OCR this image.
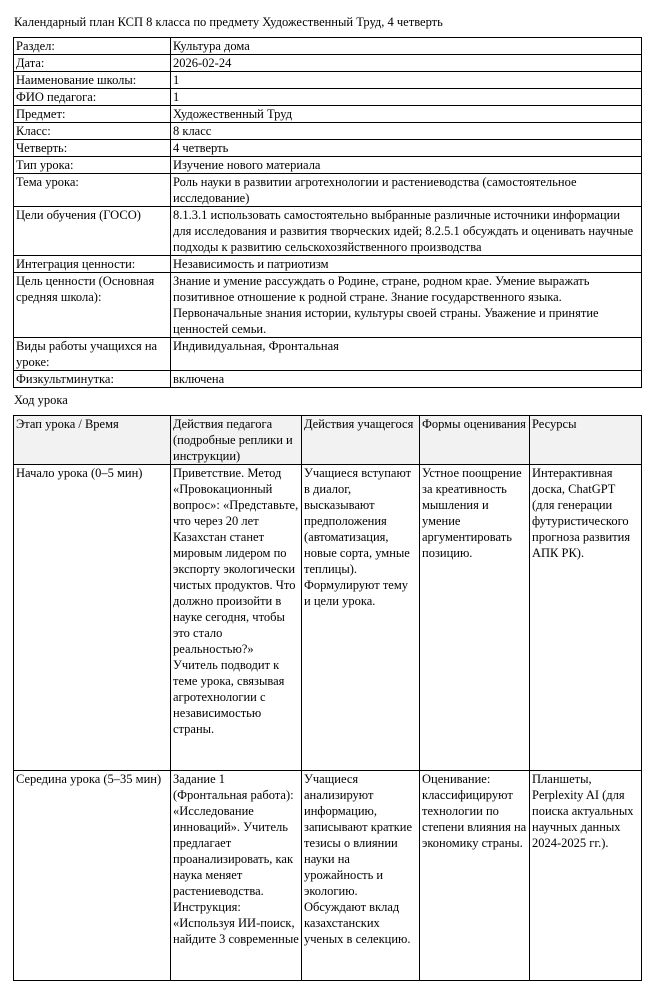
Календарный план КСП 8 класса по предмету Художественный Труд, 4 четверть
Раздел:	Культура дома
Дата:	2026-02-24
Наименование школы:	1
ФИО педагога:	1
Предмет:	Художественный Труд
Класс:	8 класс
Четверть:	4 четверть
Тип урока:	Изучение нового материала
Тема урока:	Роль науки в развитии агротехнологии и растениеводства (самостоятельное исследование)
Цели обучения (ГОСО)	8.1.3.1 использовать самостоятельно выбранные различные источники информации для исследования и развития творческих идей; 8.2.5.1 обсуждать и оценивать научные подходы к развитию сельскохозяйственного производства
Интеграция ценности:	Независимость и патриотизм
Цель ценности (Основная средняя школа):	Знание и умение рассуждать о Родине, стране, родном крае. Умение выражать позитивное отношение к родной стране. Знание государственного языка. Первоначальные знания истории, культуры своей страны. Уважение и принятие ценностей семьи.
Виды работы учащихся на уроке:	Индивидуальная, Фронтальная
Физкультминутка:	включена
Ход урока
Этап урока / Время	Действия педагога (подробные реплики и инструкции)	Действия учащегося	Формы оценивания	Ресурсы
Начало урока (0–5 мин)	Приветствие. Метод «Провокационный вопрос»: «Представьте, что через 20 лет Казахстан станет мировым лидером по экспорту экологически чистых продуктов. Что должно произойти в науке сегодня, чтобы это стало реальностью?» Учитель подводит к теме урока, связывая агротехнологии с независимостью страны.	Учащиеся вступают в диалог, высказывают предположения (автоматизация, новые сорта, умные теплицы). Формулируют тему и цели урока.	Устное поощрение за креативность мышления и умение аргументировать позицию.	Интерактивная доска, ChatGPT (для генерации футуристического прогноза развития АПК РК).
Середина урока (5–35 мин)	Задание 1 (Фронтальная работа): «Исследование инноваций». Учитель предлагает проанализировать, как наука меняет растениеводства. Инструкция: «Используя ИИ-поиск, найдите 3 современные	Учащиеся анализируют информацию, записывают краткие тезисы о влиянии науки на урожайность и экологию. Обсуждают вклад казахстанских ученых в селекцию.	Оценивание: классифицируют технологии по степени влияния на экономику страны.	Планшеты, Perplexity AI (для поиска актуальных научных данных 2024-2025 гг.).
